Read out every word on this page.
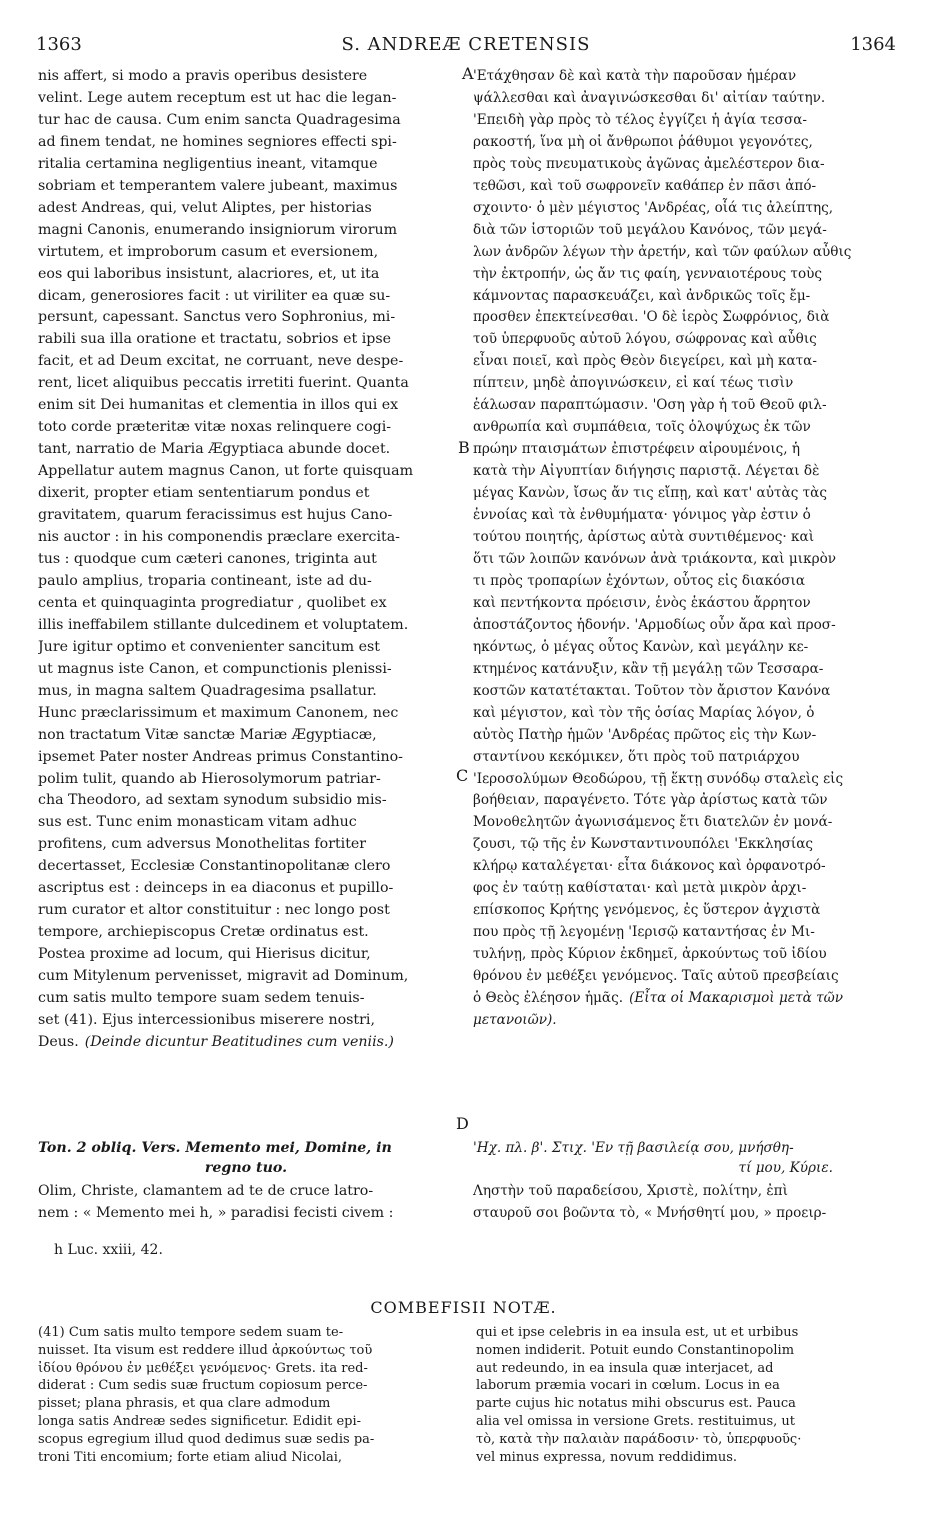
1363	S. ANDREÆ CRETENSIS	1364
A
B
C
D
nis affert, si modo a pravis operibus desistere
velint. Lege autem receptum est ut hac die legan-
tur hac de causa. Cum enim sancta Quadragesima
ad finem tendat, ne homines segniores effecti spi-
ritalia certamina negligentius ineant, vitamque
sobriam et temperantem valere jubeant, maximus
adest Andreas, qui, velut Aliptes, per historias
magni Canonis, enumerando insigniorum virorum
virtutem, et improborum casum et eversionem,
eos qui laboribus insistunt, alacriores, et, ut ita
dicam, generosiores facit : ut viriliter ea quæ su-
persunt, capessant. Sanctus vero Sophronius, mi-
rabili sua illa oratione et tractatu, sobrios et ipse
facit, et ad Deum excitat, ne corruant, neve despe-
rent, licet aliquibus peccatis irretiti fuerint. Quanta
enim sit Dei humanitas et clementia in illos qui ex
toto corde præteritæ vitæ noxas relinquere cogi-
tant, narratio de Maria Ægyptiaca abunde docet.
Appellatur autem magnus Canon, ut forte quisquam
dixerit, propter etiam sententiarum pondus et
gravitatem, quarum feracissimus est hujus Cano-
nis auctor : in his componendis præclare exercita-
tus : quodque cum cæteri canones, triginta aut
paulo amplius, troparia contineant, iste ad du-
centa et quinquaginta progrediatur , quolibet ex
illis ineffabilem stillante dulcedinem et voluptatem.
Jure igitur optimo et convenienter sancitum est
ut magnus iste Canon, et compunctionis plenissi-
mus, in magna saltem Quadragesima psallatur.
Hunc præclarissimum et maximum Canonem, nec
non tractatum Vitæ sanctæ Mariæ Ægyptiacæ,
ipsemet Pater noster Andreas primus Constantino-
polim tulit, quando ab Hierosolymorum patriar-
cha Theodoro, ad sextam synodum subsidio mis-
sus est. Tunc enim monasticam vitam adhuc
profitens, cum adversus Monothelitas fortiter
decertasset, Ecclesiæ Constantinopolitanæ clero
ascriptus est : deinceps in ea diaconus et pupillo-
rum curator et altor constituitur : nec longo post
tempore, archiepiscopus Cretæ ordinatus est.
Postea proxime ad locum, qui Hierisus dicitur,
cum Mitylenum pervenisset, migravit ad Dominum,
cum satis multo tempore suam sedem tenuis-
set (41). Ejus intercessionibus miserere nostri,
Deus. (Deinde dicuntur Beatitudines cum veniis.)
'Ετάχθησαν δὲ καὶ κατὰ τὴν παροῦσαν ἡμέραν
ψάλλεσθαι καὶ ἀναγινώσκεσθαι δι' αἰτίαν ταύτην.
'Επειδὴ γὰρ πρὸς τὸ τέλος ἐγγίζει ἡ ἁγία τεσσα-
ρακοστή, ἵνα μὴ οἱ ἄνθρωποι ῥάθυμοι γεγονότες,
πρὸς τοὺς πνευματικοὺς ἀγῶνας ἀμελέστερον δια-
τεθῶσι, καὶ τοῦ σωφρονεῖν καθάπερ ἐν πᾶσι ἀπό-
σχοιντο· ὁ μὲν μέγιστος 'Ανδρέας, οἷά τις ἀλείπτης,
διὰ τῶν ἱστοριῶν τοῦ μεγάλου Κανόνος, τῶν μεγά-
λων ἀνδρῶν λέγων τὴν ἀρετήν, καὶ τῶν φαύλων αὖθις
τὴν ἐκτροπήν, ὡς ἄν τις φαίη, γενναιοτέρους τοὺς
κάμνοντας παρασκευάζει, καὶ ἀνδρικῶς τοῖς ἔμ-
προσθεν ἐπεκτείνεσθαι. 'Ο δὲ ἱερὸς Σωφρόνιος, διὰ
τοῦ ὑπερφυοῦς αὐτοῦ λόγου, σώφρονας καὶ αὖθις
εἶναι ποιεῖ, καὶ πρὸς Θεὸν διεγείρει, καὶ μὴ κατα-
πίπτειν, μηδὲ ἀπογινώσκειν, εἰ καί τέως τισὶν
ἑάλωσαν παραπτώμασιν. 'Οση γὰρ ἡ τοῦ Θεοῦ φιλ-
ανθρωπία καὶ συμπάθεια, τοῖς ὁλοψύχως ἐκ τῶν
πρώην πταισμάτων ἐπιστρέφειν αἱρουμένοις, ἡ
κατὰ τὴν Αἰγυπτίαν διήγησις παριστᾷ. Λέγεται δὲ
μέγας Κανὼν, ἴσως ἄν τις εἴπῃ, καὶ κατ' αὐτὰς τὰς
ἐννοίας καὶ τὰ ἐνθυμήματα· γόνιμος γὰρ ἐστιν ὁ
τούτου ποιητής, ἀρίστως αὐτὰ συντιθέμενος· καὶ
ὅτι τῶν λοιπῶν κανόνων ἀνὰ τριάκοντα, καὶ μικρὸν
τι πρὸς τροπαρίων ἐχόντων, οὗτος εἰς διακόσια
καὶ πεντήκοντα πρόεισιν, ἑνὸς ἑκάστου ἄρρητον
ἀποστάζοντος ἡδονήν. 'Αρμοδίως οὖν ἄρα καὶ προσ-
ηκόντως, ὁ μέγας οὗτος Κανὼν, καὶ μεγάλην κε-
κτημένος κατάνυξιν, κἂν τῇ μεγάλῃ τῶν Τεσσαρα-
κοστῶν κατατέτακται. Τοῦτον τὸν ἄριστον Κανόνα
καὶ μέγιστον, καὶ τὸν τῆς ὁσίας Μαρίας λόγον, ὁ
αὐτὸς Πατὴρ ἡμῶν 'Ανδρέας πρῶτος εἰς τὴν Κων-
σταντίνου κεκόμικεν, ὅτι πρὸς τοῦ πατριάρχου
'Ιεροσολύμων Θεοδώρου, τῇ ἕκτῃ συνόδῳ σταλεὶς εἰς
βοήθειαν, παραγένετο. Τότε γὰρ ἀρίστως κατὰ τῶν
Μονοθελητῶν ἀγωνισάμενος ἔτι διατελῶν ἐν μονά-
ζουσι, τῷ τῆς ἐν Κωνσταντινουπόλει 'Εκκλησίας
κλήρῳ καταλέγεται· εἶτα διάκονος καὶ ὀρφανοτρό-
φος ἐν ταύτῃ καθίσταται· καὶ μετὰ μικρὸν ἀρχι-
επίσκοπος Κρήτης γενόμενος, ἐς ὕστερον ἀγχιστὰ
που πρὸς τῇ λεγομένῃ 'Ιερισῷ καταντήσας ἐν Μι-
τυλήνῃ, πρὸς Κύριον ἐκδημεῖ, ἀρκούντως τοῦ ἰδίου
θρόνου ἐν μεθέξει γενόμενος. Ταῖς αὐτοῦ πρεσβείαις
ὁ Θεὸς ἐλέησον ἡμᾶς. (Εἶτα οἱ Μακαρισμοὶ μετὰ τῶν
μετανοιῶν).
Ton. 2 obliq. Vers. Memento mei, Domine, in
regno tuo.
'Ηχ. πλ. β'. Στιχ. 'Εν τῇ βασιλείᾳ σου, μνήσθη-
τί μου, Κύριε.
Olim, Christe, clamantem ad te de cruce latro-
nem : « Memento mei h, » paradisi fecisti civem :
Ληστὴν τοῦ παραδείσου, Χριστὲ, πολίτην, ἐπὶ
σταυροῦ σοι βοῶντα τὸ, « Μνήσθητί μου, » προειρ-
h Luc. xxiii, 42.
COMBEFISII NOTÆ.
(41) Cum satis multo tempore sedem suam te-
nuisset. Ita visum est reddere illud ἀρκούντως τοῦ
ἰδίου θρόνου ἐν μεθέξει γενόμενος· Grets. ita red-
diderat : Cum sedis suæ fructum copiosum perce-
pisset; plana phrasis, et qua clare admodum
longa satis Andreæ sedes significetur. Edidit epi-
scopus egregium illud quod dedimus suæ sedis pa-
troni Titi encomium; forte etiam aliud Nicolai,
qui et ipse celebris in ea insula est, ut et urbibus
nomen indiderit. Potuit eundo Constantinopolim
aut redeundo, in ea insula quæ interjacet, ad
laborum præmia vocari in cœlum. Locus in ea
parte cujus hic notatus mihi obscurus est. Pauca
alia vel omissa in versione Grets. restituimus, ut
τὸ, κατὰ τὴν παλαιὰν παράδοσιν· τὸ, ὑπερφυοῦς·
vel minus expressa, novum reddidimus.
